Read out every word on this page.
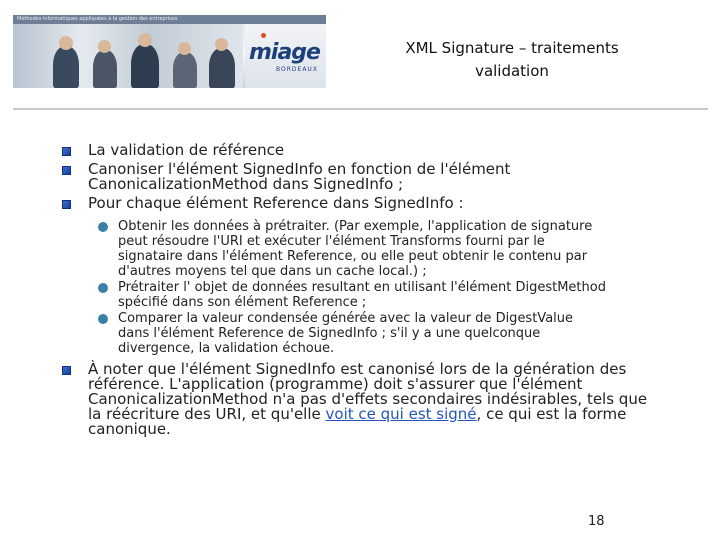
Méthodes informatiques appliquées à la gestion des entreprises
miage
BORDEAUX
XML Signature – traitements
validation
La validation de référence
Canoniser l'élément SignedInfo en fonction de l'élément
CanonicalizationMethod dans SignedInfo ;
Pour chaque élément Reference dans SignedInfo :
Obtenir les données à prétraiter. (Par exemple, l'application de signature
peut résoudre l'URI et exécuter l'élément Transforms fourni par le
signataire dans l'élément Reference, ou elle peut obtenir le contenu par
d'autres moyens tel que dans un cache local.) ;
Prétraiter l' objet de données resultant en utilisant l'élément DigestMethod
spécifié dans son élément Reference ;
Comparer la valeur condensée générée avec la valeur de DigestValue
dans l'élément Reference de SignedInfo ; s'il y a une quelconque
divergence, la validation échoue.
À noter que l'élément SignedInfo est canonisé lors de la génération des
référence. L'application (programme) doit s'assurer que l'élément
CanonicalizationMethod n'a pas d'effets secondaires indésirables, tels que
la réécriture des URI, et qu'elle voit ce qui est signé, ce qui est la forme
canonique.
18
